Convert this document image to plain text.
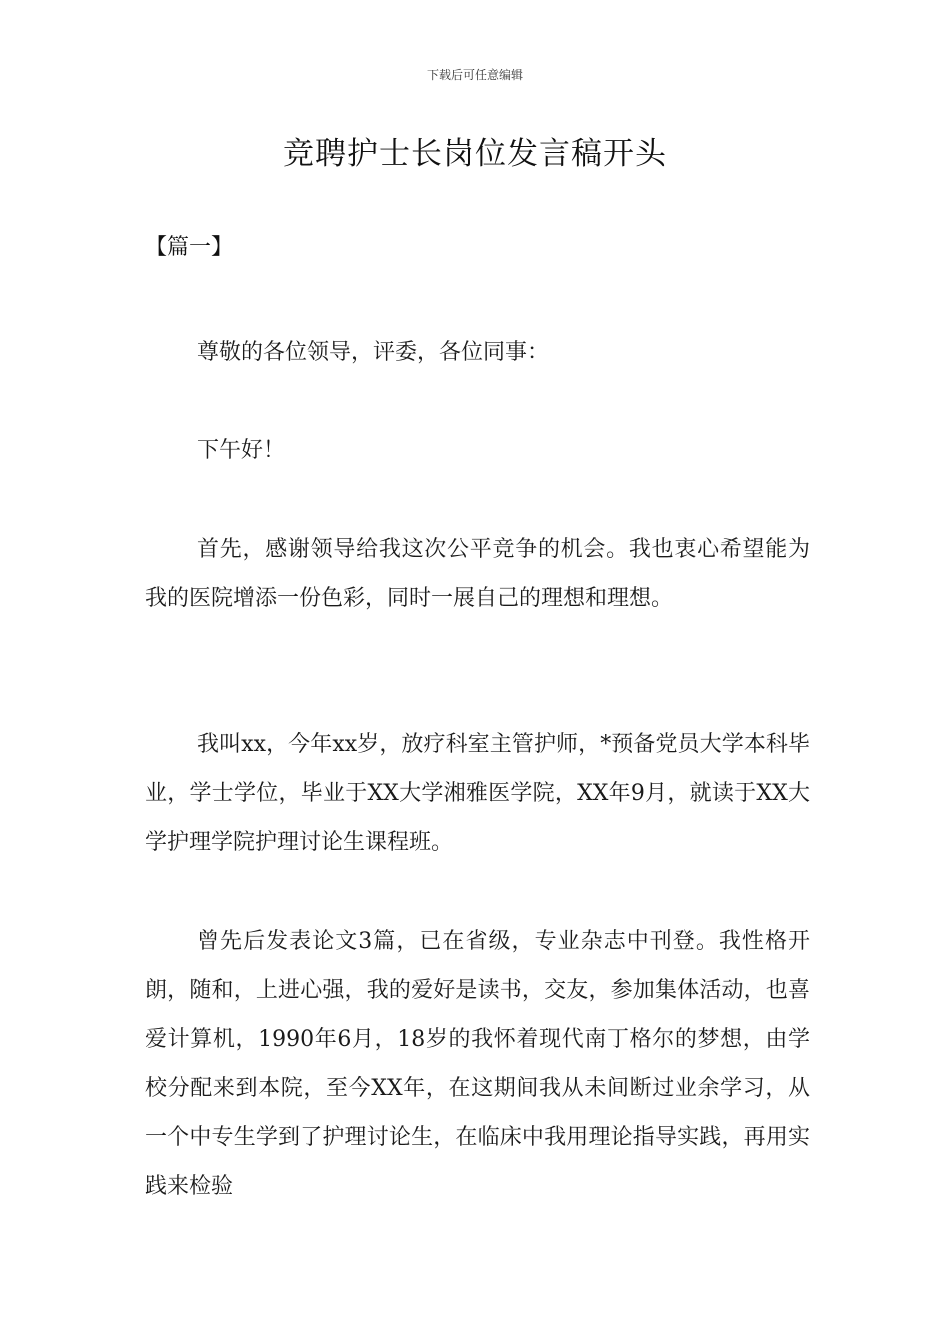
下载后可任意编辑
竞聘护士长岗位发言稿开头
【篇一】
尊敬的各位领导，评委，各位同事：
下午好！
首先，感谢领导给我这次公平竞争的机会。我也衷心希望能为我的医院增添一份色彩，同时一展自己的理想和理想。
我叫xx，今年xx岁，放疗科室主管护师，*预备党员大学本科毕业，学士学位，毕业于XX大学湘雅医学院，XX年9月，就读于XX大学护理学院护理讨论生课程班。
曾先后发表论文3篇，已在省级，专业杂志中刊登。我性格开朗，随和，上进心强，我的爱好是读书，交友，参加集体活动，也喜爱计算机，1990年6月，18岁的我怀着现代南丁格尔的梦想，由学校分配来到本院，至今XX年，在这期间我从未间断过业余学习，从一个中专生学到了护理讨论生，在临床中我用理论指导实践，再用实践来检验
